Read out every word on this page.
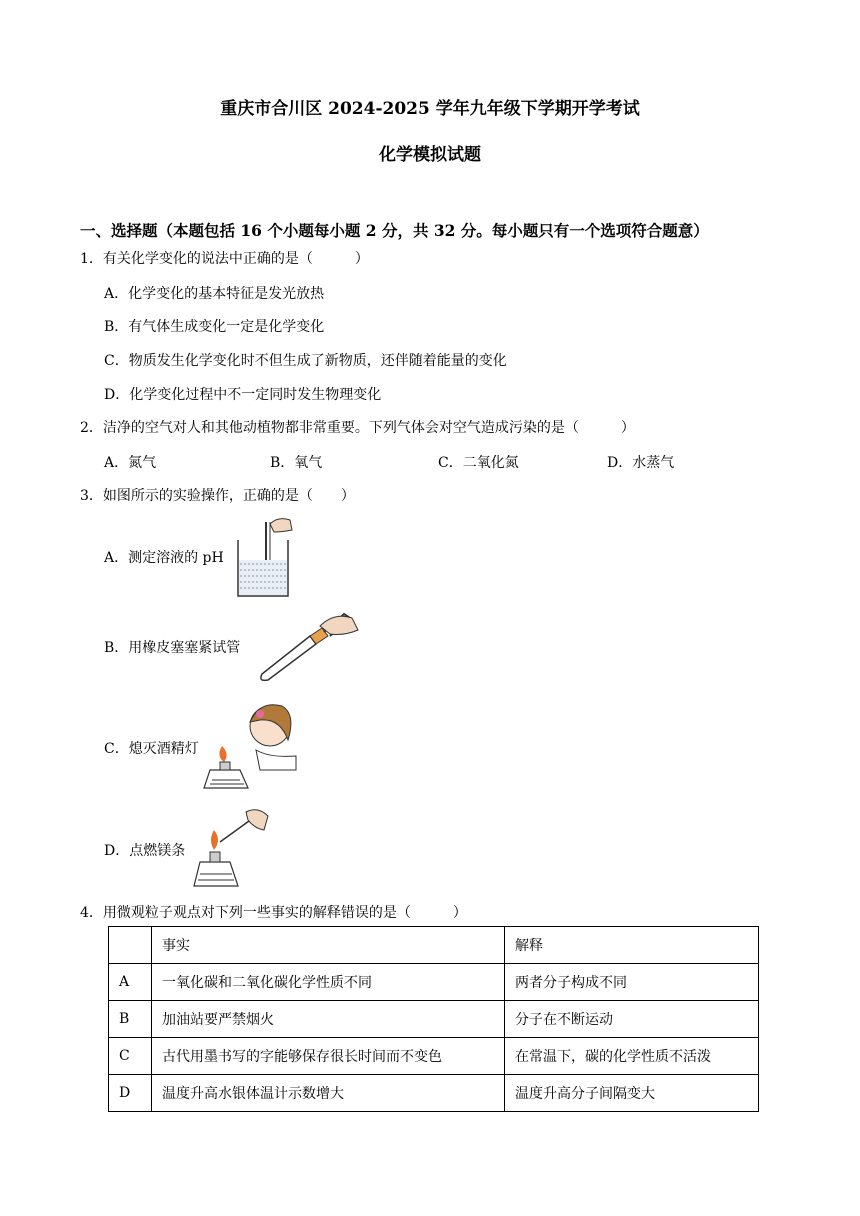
重庆市合川区 2024-2025 学年九年级下学期开学考试
化学模拟试题
一、选择题（本题包括 16 个小题每小题 2 分，共 32 分。每小题只有一个选项符合题意）
1．有关化学变化的说法中正确的是（　　　）
A．化学变化的基本特征是发光放热
B．有气体生成变化一定是化学变化
C．物质发生化学变化时不但生成了新物质，还伴随着能量的变化
D．化学变化过程中不一定同时发生物理变化
2．洁净的空气对人和其他动植物都非常重要。下列气体会对空气造成污染的是（　　　）
A．氮气	B．氧气	C．二氧化氮	D．水蒸气
3．如图所示的实验操作，正确的是（　　）
A．测定溶液的 pH
B．用橡皮塞塞紧试管
C．熄灭酒精灯
D．点燃镁条
4．用微观粒子观点对下列一些事实的解释错误的是（　　　）
	事实	解释
A	一氧化碳和二氧化碳化学性质不同	两者分子构成不同
B	加油站要严禁烟火	分子在不断运动
C	古代用墨书写的字能够保存很长时间而不变色	在常温下，碳的化学性质不活泼
D	温度升高水银体温计示数增大	温度升高分子间隔变大
